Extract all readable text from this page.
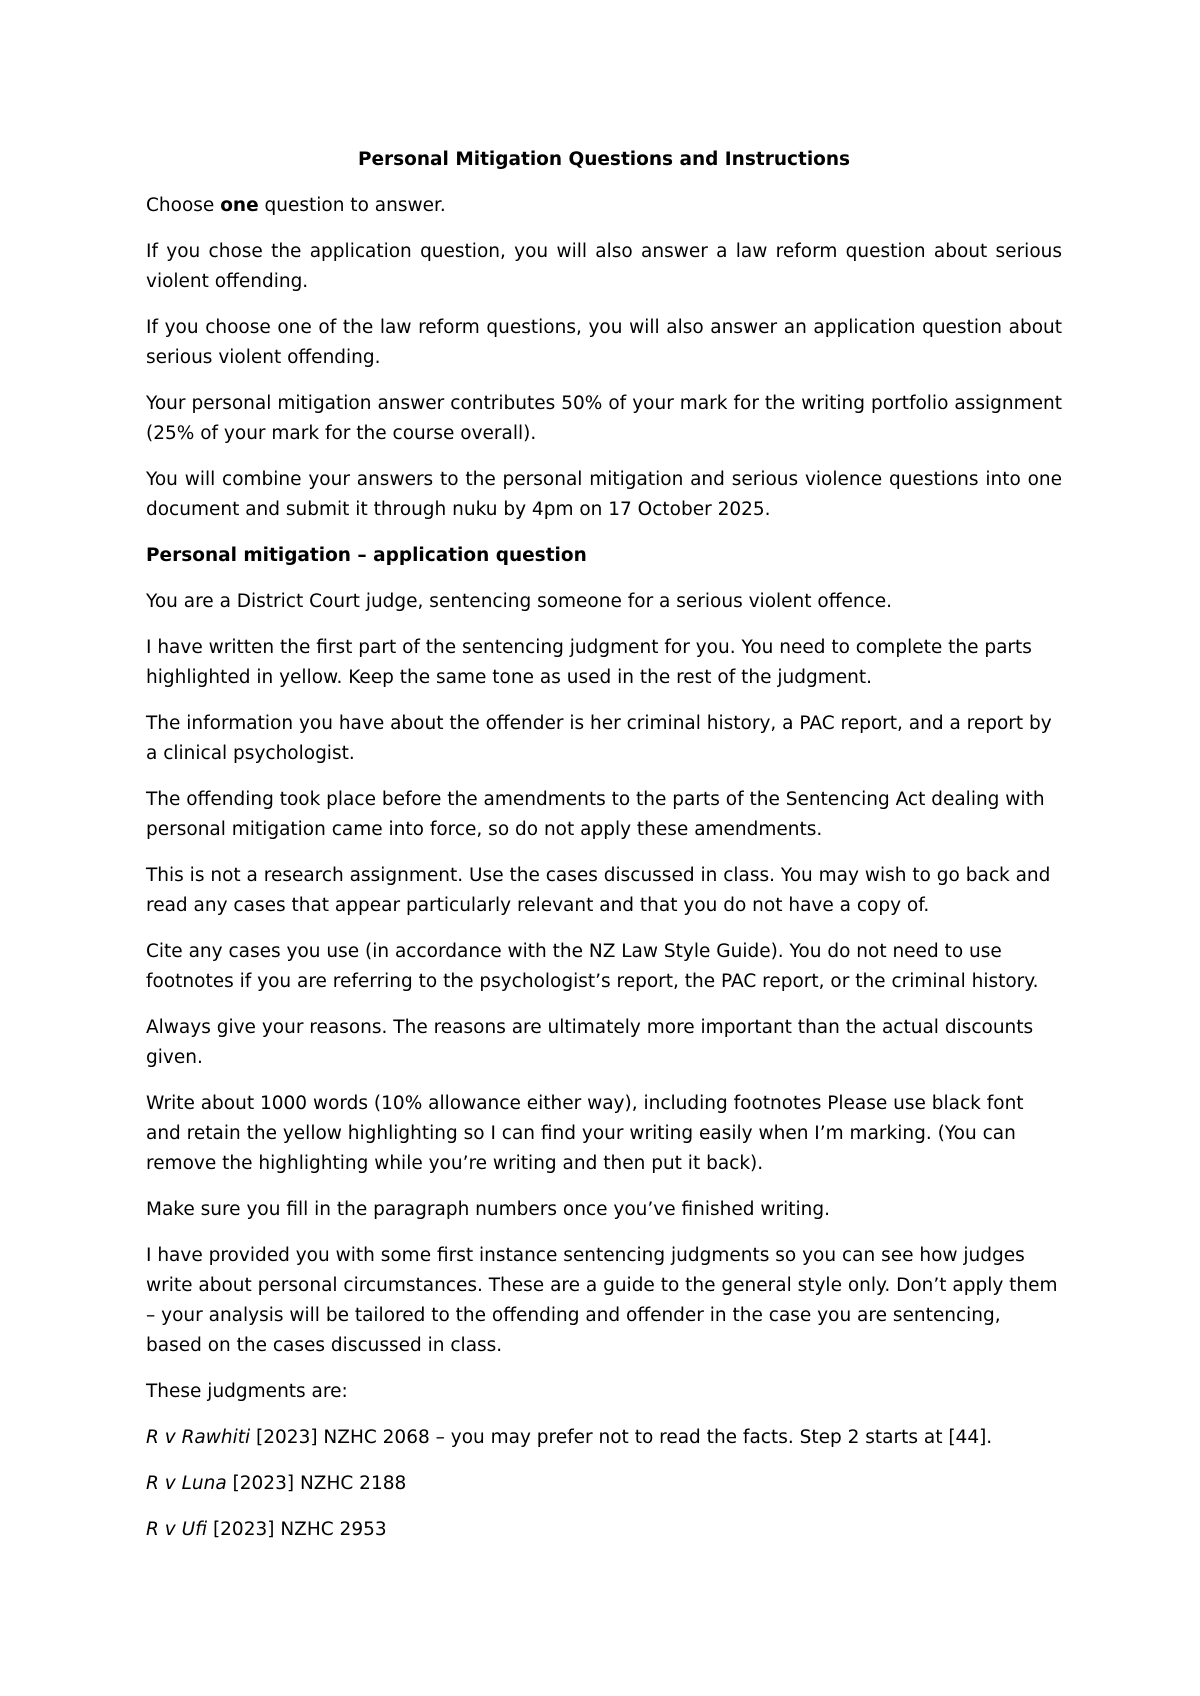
Personal Mitigation Questions and Instructions

Choose one question to answer.

If you chose the application question, you will also answer a law reform question about serious violent offending.

If you choose one of the law reform questions, you will also answer an application question about serious violent offending.

Your personal mitigation answer contributes 50% of your mark for the writing portfolio assignment (25% of your mark for the course overall).

You will combine your answers to the personal mitigation and serious violence questions into one document and submit it through nuku by 4pm on 17 October 2025.

Personal mitigation – application question

You are a District Court judge, sentencing someone for a serious violent offence.

I have written the first part of the sentencing judgment for you. You need to complete the parts highlighted in yellow. Keep the same tone as used in the rest of the judgment.

The information you have about the offender is her criminal history, a PAC report, and a report by a clinical psychologist.

The offending took place before the amendments to the parts of the Sentencing Act dealing with personal mitigation came into force, so do not apply these amendments.

This is not a research assignment. Use the cases discussed in class. You may wish to go back and read any cases that appear particularly relevant and that you do not have a copy of.

Cite any cases you use (in accordance with the NZ Law Style Guide). You do not need to use footnotes if you are referring to the psychologist’s report, the PAC report, or the criminal history.

Always give your reasons. The reasons are ultimately more important than the actual discounts given.

Write about 1000 words (10% allowance either way), including footnotes Please use black font and retain the yellow highlighting so I can find your writing easily when I’m marking. (You can remove the highlighting while you’re writing and then put it back).

Make sure you fill in the paragraph numbers once you’ve finished writing.

I have provided you with some first instance sentencing judgments so you can see how judges write about personal circumstances. These are a guide to the general style only. Don’t apply them – your analysis will be tailored to the offending and offender in the case you are sentencing, based on the cases discussed in class.

These judgments are:

R v Rawhiti [2023] NZHC 2068 – you may prefer not to read the facts. Step 2 starts at [44].

R v Luna [2023] NZHC 2188

R v Ufi [2023] NZHC 2953
